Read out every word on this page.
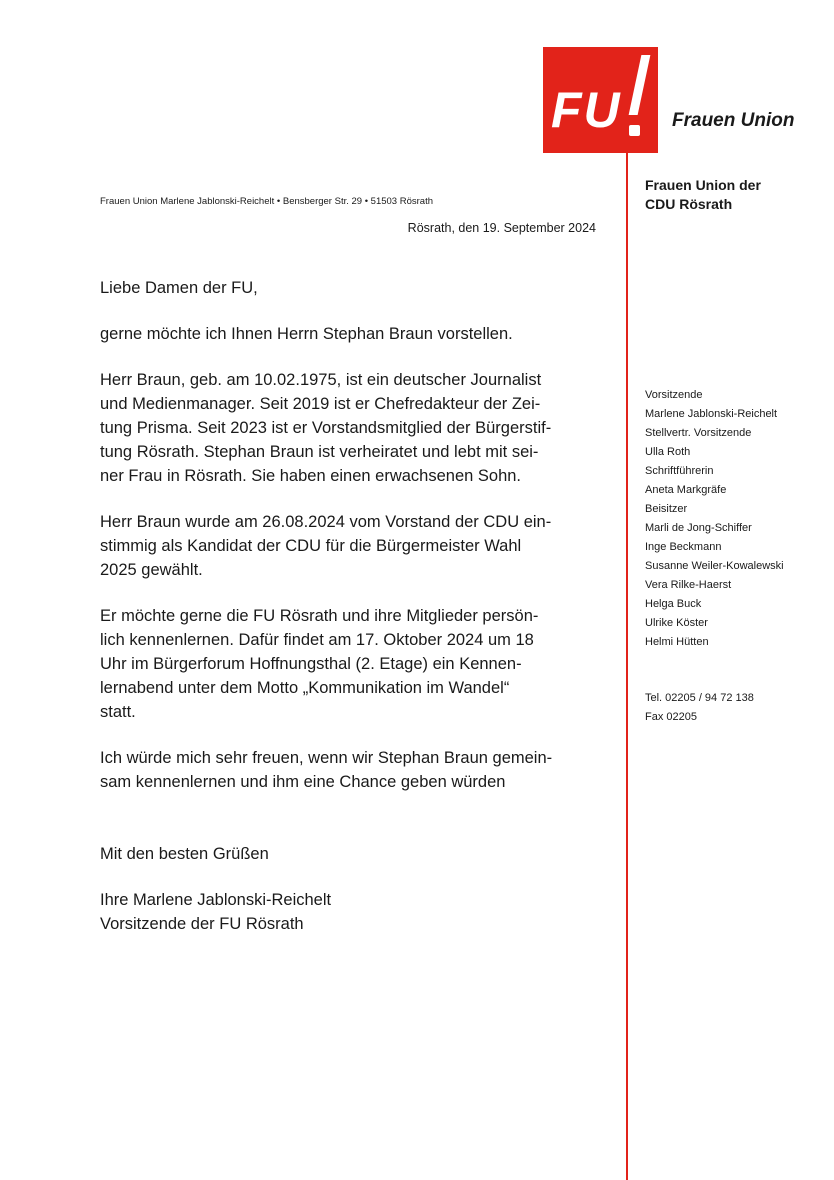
FU	Frauen Union
Frauen Union der
CDU Rösrath
Vorsitzende
Marlene Jablonski-Reichelt
Stellvertr. Vorsitzende
Ulla Roth
Schriftführerin
Aneta Markgräfe
Beisitzer
Marli de Jong-Schiffer
Inge Beckmann
Susanne Weiler-Kowalewski
Vera Rilke-Haerst
Helga Buck
Ulrike Köster
Helmi Hütten
Tel. 02205 / 94 72 138
Fax 02205
Frauen Union Marlene Jablonski-Reichelt • Bensberger Str. 29 • 51503 Rösrath
Rösrath, den 19. September 2024

Liebe Damen der FU,

gerne möchte ich Ihnen Herrn Stephan Braun vorstellen.

Herr Braun, geb. am 10.02.1975, ist ein deutscher Journalist
und Medienmanager. Seit 2019 ist er Chefredakteur der Zei-
tung Prisma. Seit 2023 ist er Vorstandsmitglied der Bürgerstif-
tung Rösrath. Stephan Braun ist verheiratet und lebt mit sei-
ner Frau in Rösrath. Sie haben einen erwachsenen Sohn.

Herr Braun wurde am 26.08.2024 vom Vorstand der CDU ein-
stimmig als Kandidat der CDU für die Bürgermeister Wahl
2025 gewählt.

Er möchte gerne die FU Rösrath und ihre Mitglieder persön-
lich kennenlernen. Dafür findet am 17. Oktober 2024 um 18
Uhr im Bürgerforum Hoffnungsthal (2. Etage) ein Kennen-
lernabend unter dem Motto „Kommunikation im Wandel“
statt.

Ich würde mich sehr freuen, wenn wir Stephan Braun gemein-
sam kennenlernen und ihm eine Chance geben würden

Mit den besten Grüßen

Ihre Marlene Jablonski-Reichelt
Vorsitzende der FU Rösrath
